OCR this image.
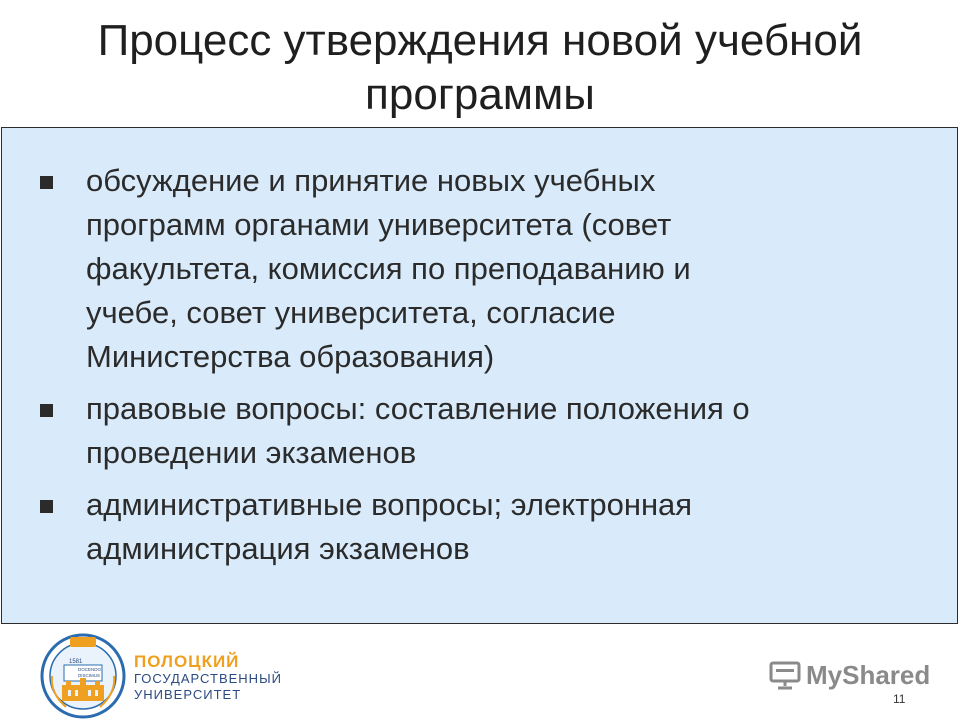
Процесс утверждения новой учебной
программы
обсуждение и принятие новых учебных
программ органами университета (совет
факультета, комиссия по преподаванию и
учебе, совет университета, согласие
Министерства образования)
правовые вопросы: составление положения о
проведении экзаменов
административные вопросы; электронная
администрация экзаменов
1581
DOCENDO
DISCIMUS
ПОЛОЦКИЙ
ГОСУДАРСТВЕННЫЙ
УНИВЕРСИТЕТ
MyShared
11
